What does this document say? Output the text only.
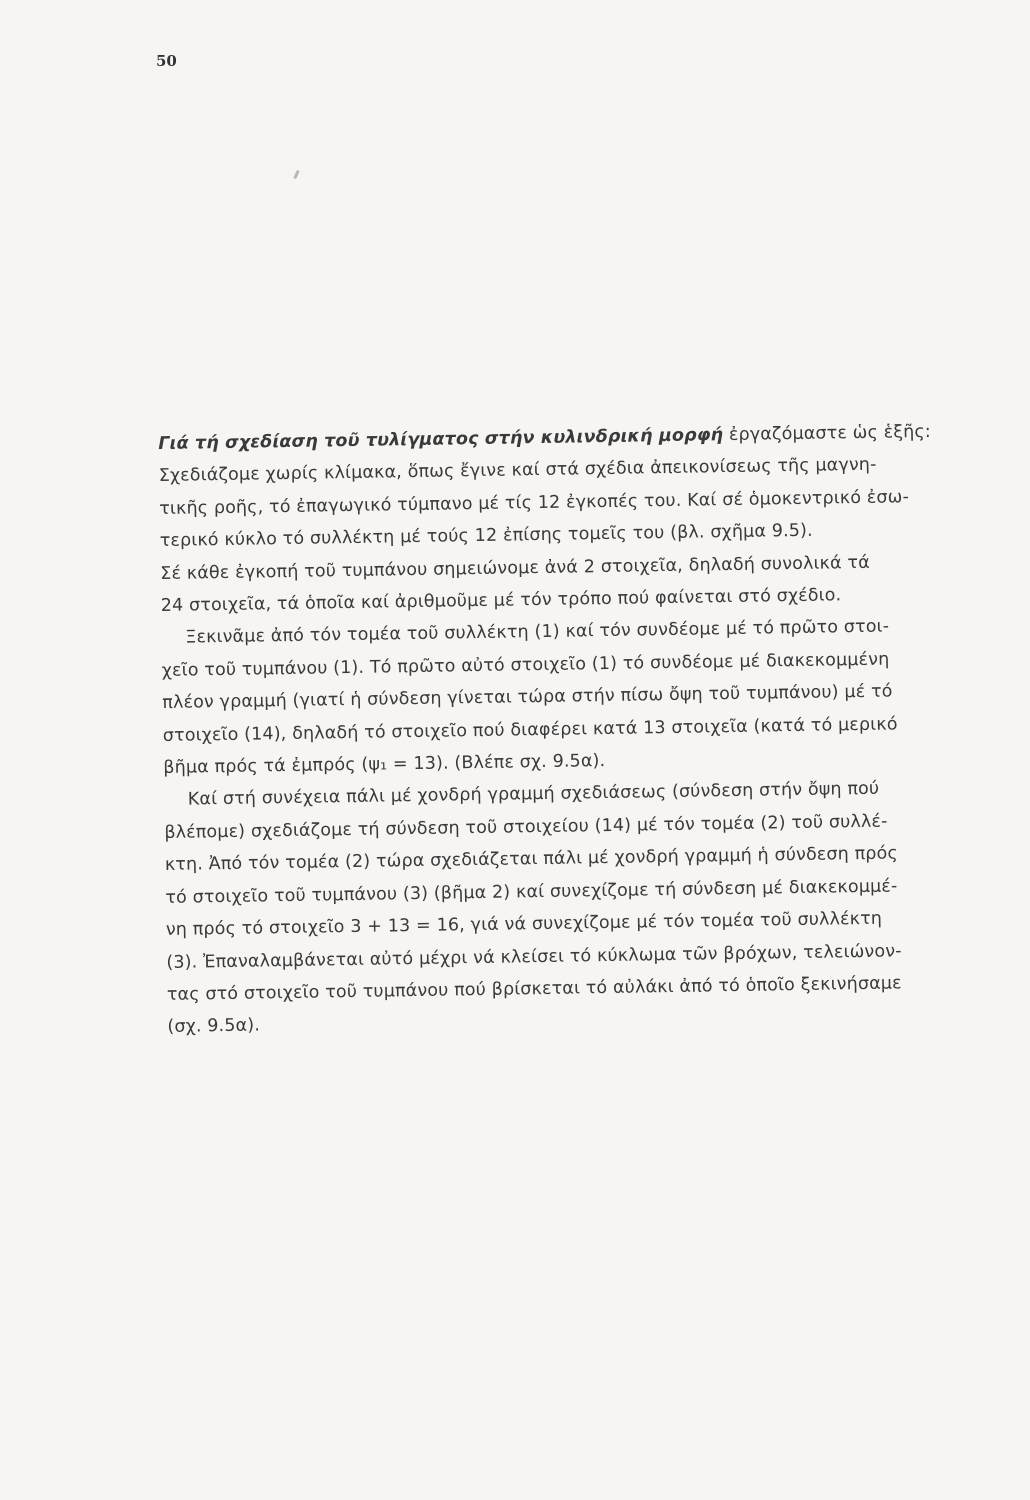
50
Γιά τή σχεδίαση τοῦ τυλίγματος στήν κυλινδρική μορφή ἐργαζόμαστε ὡς ἑξῆς:
Σχεδιάζομε χωρίς κλίμακα, ὅπως ἔγινε καί στά σχέδια ἀπεικονίσεως τῆς μαγνη-
τικῆς ροῆς, τό ἐπαγωγικό τύμπανο μέ τίς 12 ἐγκοπές του. Καί σέ ὁμοκεντρικό ἐσω-
τερικό κύκλο τό συλλέκτη μέ τούς 12 ἐπίσης τομεῖς του (βλ. σχῆμα 9.5).
Σέ κάθε ἐγκοπή τοῦ τυμπάνου σημειώνομε ἀνά 2 στοιχεῖα, δηλαδή συνολικά τά
24 στοιχεῖα, τά ὁποῖα καί ἀριθμοῦμε μέ τόν τρόπο πού φαίνεται στό σχέδιο.
Ξεκινᾶμε ἀπό τόν τομέα τοῦ συλλέκτη (1) καί τόν συνδέομε μέ τό πρῶτο στοι-
χεῖο τοῦ τυμπάνου (1). Τό πρῶτο αὐτό στοιχεῖο (1) τό συνδέομε μέ διακεκομμένη
πλέον γραμμή (γιατί ἡ σύνδεση γίνεται τώρα στήν πίσω ὄψη τοῦ τυμπάνου) μέ τό
στοιχεῖο (14), δηλαδή τό στοιχεῖο πού διαφέρει κατά 13 στοιχεῖα (κατά τό μερικό
βῆμα πρός τά ἐμπρός (ψ₁ = 13). (Βλέπε σχ. 9.5α).
Καί στή συνέχεια πάλι μέ χονδρή γραμμή σχεδιάσεως (σύνδεση στήν ὄψη πού
βλέπομε) σχεδιάζομε τή σύνδεση τοῦ στοιχείου (14) μέ τόν τομέα (2) τοῦ συλλέ-
κτη. Ἀπό τόν τομέα (2) τώρα σχεδιάζεται πάλι μέ χονδρή γραμμή ἡ σύνδεση πρός
τό στοιχεῖο τοῦ τυμπάνου (3) (βῆμα 2) καί συνεχίζομε τή σύνδεση μέ διακεκομμέ-
νη πρός τό στοιχεῖο 3 + 13 = 16, γιά νά συνεχίζομε μέ τόν τομέα τοῦ συλλέκτη
(3). Ἐπαναλαμβάνεται αὐτό μέχρι νά κλείσει τό κύκλωμα τῶν βρόχων, τελειώνον-
τας στό στοιχεῖο τοῦ τυμπάνου πού βρίσκεται τό αὐλάκι ἀπό τό ὁποῖο ξεκινήσαμε
(σχ. 9.5α).
